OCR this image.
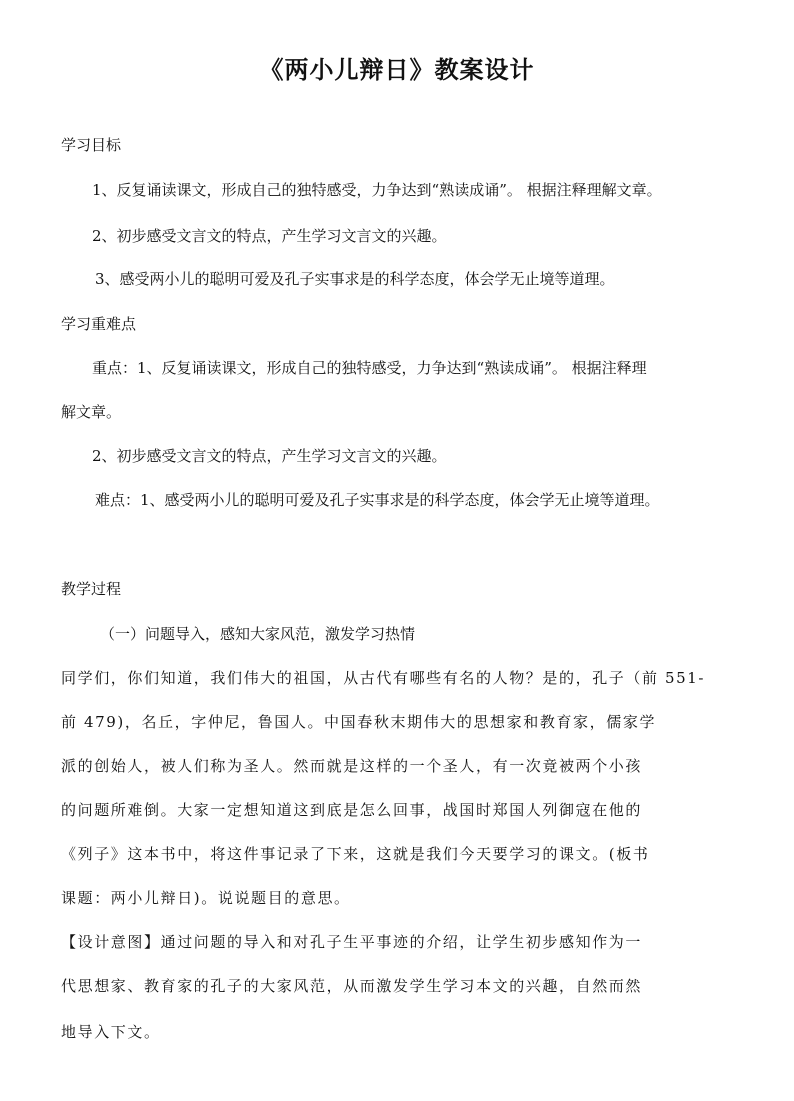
《两小儿辩日》教案设计
学习目标
1、反复诵读课文，形成自己的独特感受，力争达到“熟读成诵”。 根据注释理解文章。
2、初步感受文言文的特点，产生学习文言文的兴趣。
3、感受两小儿的聪明可爱及孔子实事求是的科学态度，体会学无止境等道理。
学习重难点
重点：1、反复诵读课文，形成自己的独特感受，力争达到“熟读成诵”。 根据注释理
解文章。
2、初步感受文言文的特点，产生学习文言文的兴趣。
难点：1、感受两小儿的聪明可爱及孔子实事求是的科学态度，体会学无止境等道理。
教学过程
（一）问题导入，感知大家风范，激发学习热情
同学们，你们知道，我们伟大的祖国，从古代有哪些有名的人物？是的，孔子（前 551-
前 479)，名丘，字仲尼，鲁国人。中国春秋末期伟大的思想家和教育家，儒家学
派的创始人，被人们称为圣人。然而就是这样的一个圣人，有一次竟被两个小孩
的问题所难倒。大家一定想知道这到底是怎么回事，战国时郑国人列御寇在他的
《列子》这本书中，将这件事记录了下来，这就是我们今天要学习的课文。(板书
课题：两小儿辩日)。说说题目的意思。
【设计意图】通过问题的导入和对孔子生平事迹的介绍，让学生初步感知作为一
代思想家、教育家的孔子的大家风范，从而激发学生学习本文的兴趣，自然而然
地导入下文。
